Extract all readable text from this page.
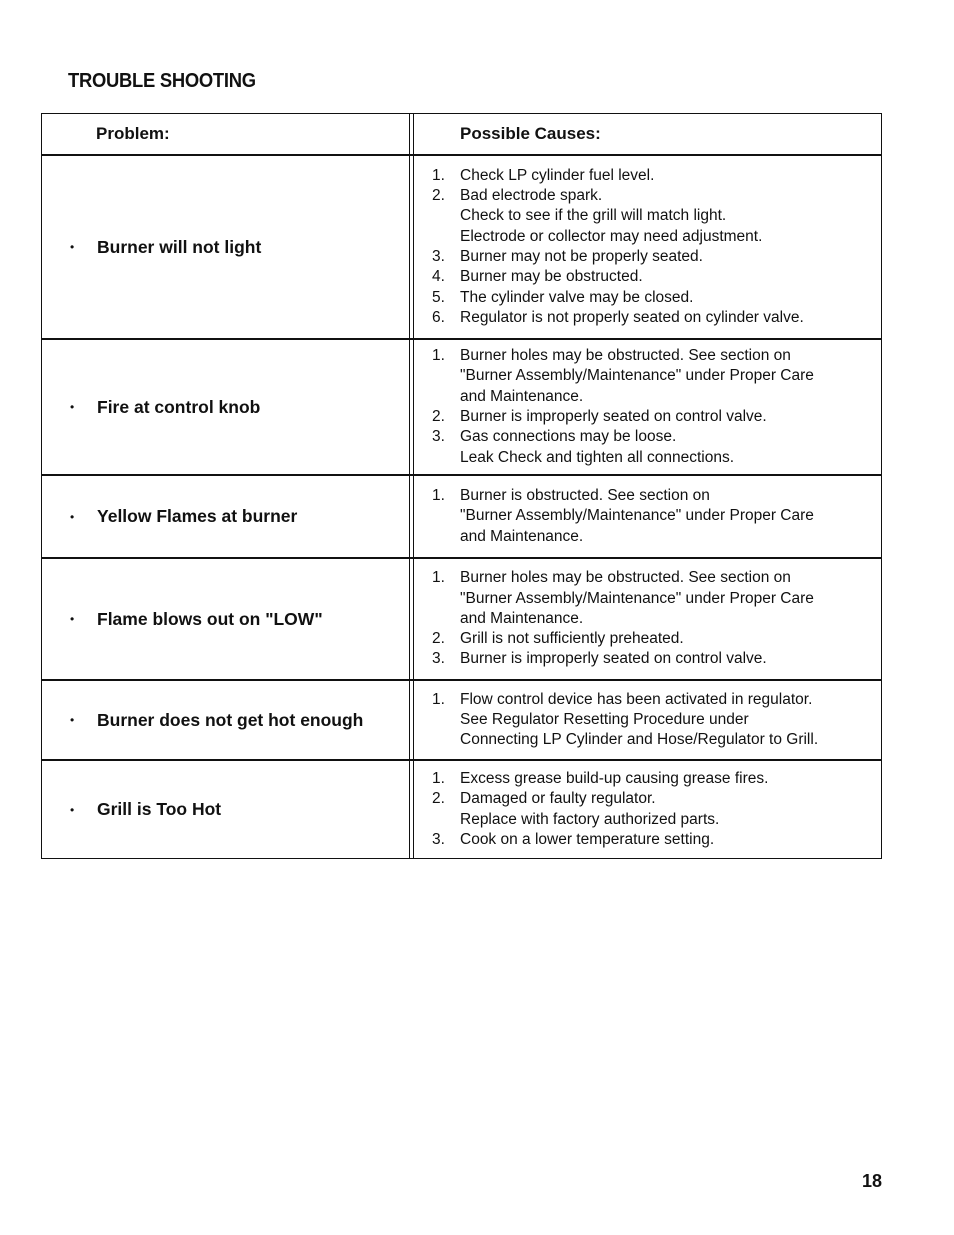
TROUBLE SHOOTING
Problem:	Possible Causes:
• Burner will not light
1. Check LP cylinder fuel level.
2. Bad electrode spark.
Check to see if the grill will match light.
Electrode or collector may need adjustment.
3. Burner may not be properly seated.
4. Burner may be obstructed.
5. The cylinder valve may be closed.
6. Regulator is not properly seated on cylinder valve.
• Fire at control knob
1. Burner holes may be obstructed. See section on
"Burner Assembly/Maintenance" under Proper Care
and Maintenance.
2. Burner is improperly seated on control valve.
3. Gas connections may be loose.
Leak Check and tighten all connections.
• Yellow Flames at burner
1. Burner is obstructed. See section on
"Burner Assembly/Maintenance" under Proper Care
and Maintenance.
• Flame blows out on "LOW"
1. Burner holes may be obstructed. See section on
"Burner Assembly/Maintenance" under Proper Care
and Maintenance.
2. Grill is not sufficiently preheated.
3. Burner is improperly seated on control valve.
• Burner does not get hot enough
1. Flow control device has been activated in regulator.
See Regulator Resetting Procedure under
Connecting LP Cylinder and Hose/Regulator to Grill.
• Grill is Too Hot
1. Excess grease build-up causing grease fires.
2. Damaged or faulty regulator.
Replace with factory authorized parts.
3. Cook on a lower temperature setting.
18
